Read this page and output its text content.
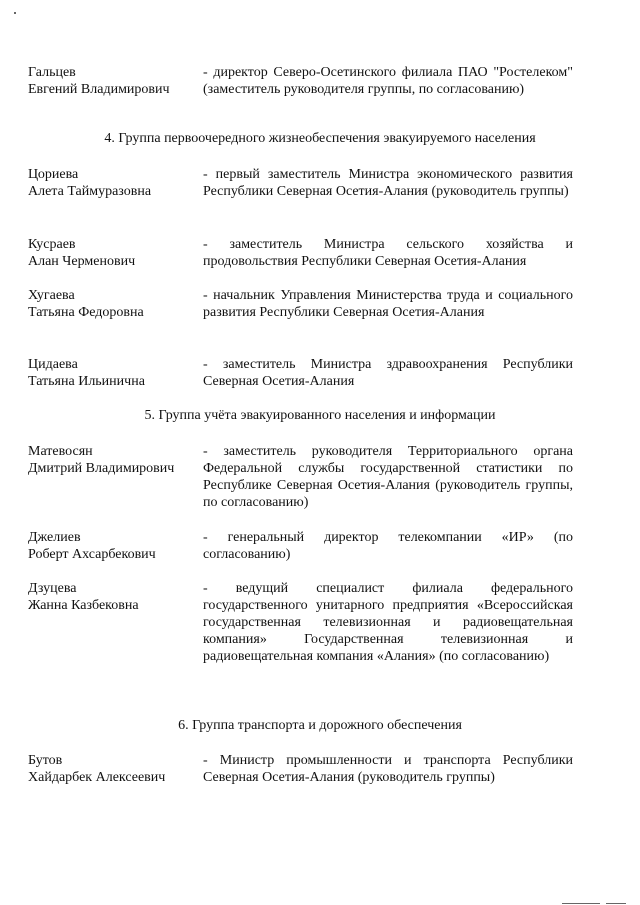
Гальцев
Евгений Владимирович
- директор Северо-Осетинского филиала ПАО "Ростелеком" (заместитель руководителя группы, по согласованию)
4. Группа первоочередного жизнеобеспечения эвакуируемого населения
Цориева
Алета Таймуразовна
- первый заместитель Министра экономического развития Республики Северная Осетия-Алания (руководитель группы)
Кусраев
Алан Черменович
- заместитель Министра сельского хозяйства и продовольствия Республики Северная Осетия-Алания
Хугаева
Татьяна Федоровна
- начальник Управления Министерства труда и социального развития Республики Северная Осетия-Алания
Цидаева
Татьяна Ильинична
- заместитель Министра здравоохранения Республики Северная Осетия-Алания
5. Группа учёта эвакуированного населения и информации
Матевосян
Дмитрий Владимирович
- заместитель руководителя Территориального органа Федеральной службы государственной статистики по Республике Северная Осетия-Алания (руководитель группы, по согласованию)
Джелиев
Роберт Ахсарбекович
- генеральный директор телекомпании «ИР» (по согласованию)
Дзуцева
Жанна Казбековна
- ведущий специалист филиала федерального государственного унитарного предприятия «Всероссийская государственная телевизионная и радиовещательная компания» Государственная телевизионная и радиовещательная компания «Алания» (по согласованию)
6. Группа транспорта и дорожного обеспечения
Бутов
Хайдарбек Алексеевич
- Министр промышленности и транспорта Республики Северная Осетия-Алания (руководитель группы)
